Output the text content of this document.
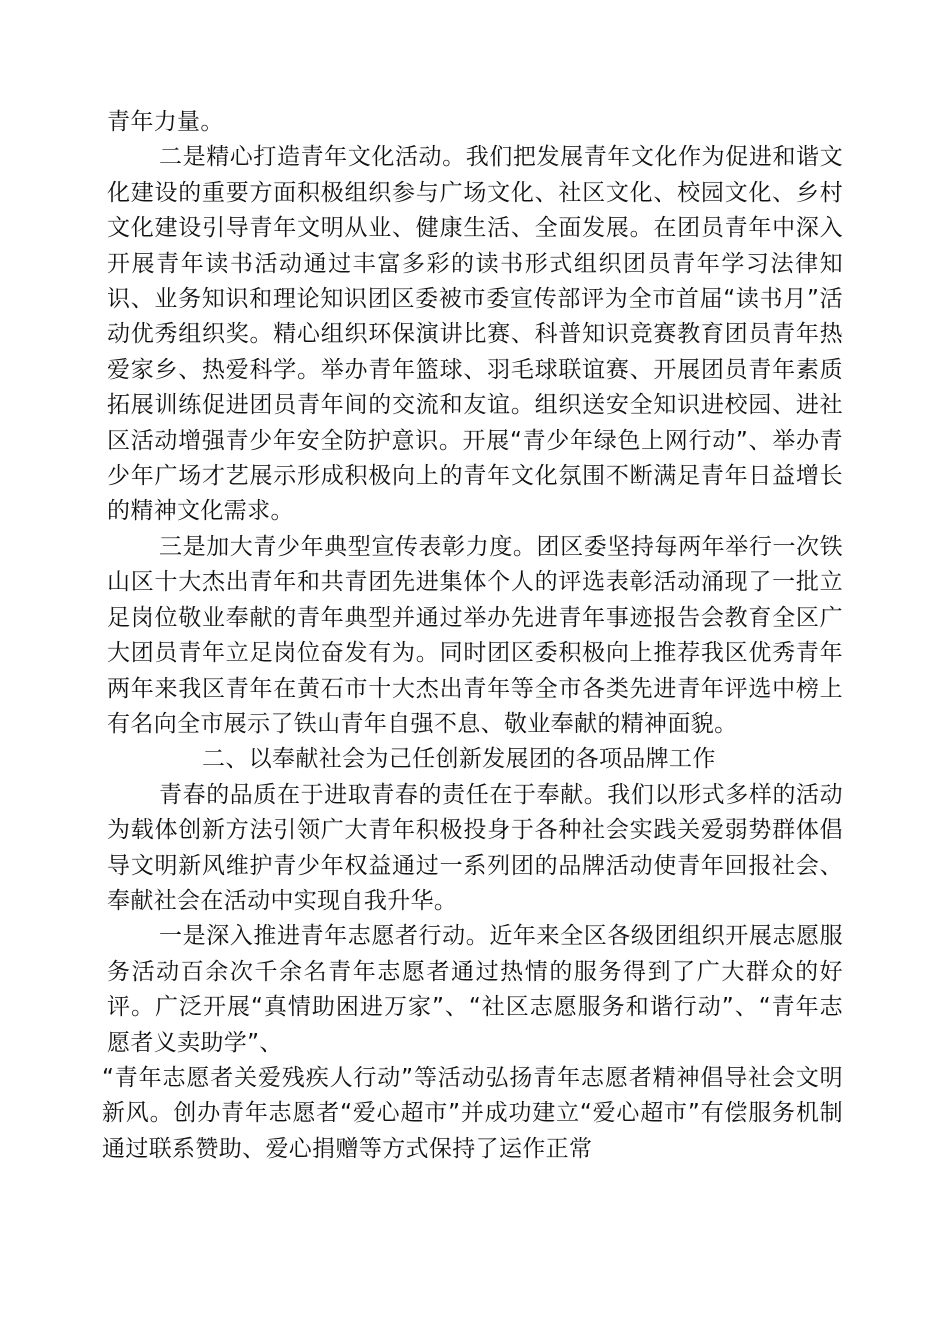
青年力量。

二是精心打造青年文化活动。我们把发展青年文化作为促进和谐文化建设的重要方面积极组织参与广场文化、社区文化、校园文化、乡村文化建设引导青年文明从业、健康生活、全面发展。在团员青年中深入开展青年读书活动通过丰富多彩的读书形式组织团员青年学习法律知识、业务知识和理论知识团区委被市委宣传部评为全市首届“读书月”活动优秀组织奖。精心组织环保演讲比赛、科普知识竞赛教育团员青年热爱家乡、热爱科学。举办青年篮球、羽毛球联谊赛、开展团员青年素质拓展训练促进团员青年间的交流和友谊。组织送安全知识进校园、进社区活动增强青少年安全防护意识。开展“青少年绿色上网行动”、举办青少年广场才艺展示形成积极向上的青年文化氛围不断满足青年日益增长的精神文化需求。

三是加大青少年典型宣传表彰力度。团区委坚持每两年举行一次铁山区十大杰出青年和共青团先进集体个人的评选表彰活动涌现了一批立足岗位敬业奉献的青年典型并通过举办先进青年事迹报告会教育全区广大团员青年立足岗位奋发有为。同时团区委积极向上推荐我区优秀青年两年来我区青年在黄石市十大杰出青年等全市各类先进青年评选中榜上有名向全市展示了铁山青年自强不息、敬业奉献的精神面貌。

二、以奉献社会为己任创新发展团的各项品牌工作

青春的品质在于进取青春的责任在于奉献。我们以形式多样的活动为载体创新方法引领广大青年积极投身于各种社会实践关爱弱势群体倡导文明新风维护青少年权益通过一系列团的品牌活动使青年回报社会、奉献社会在活动中实现自我升华。

一是深入推进青年志愿者行动。近年来全区各级团组织开展志愿服务活动百余次千余名青年志愿者通过热情的服务得到了广大群众的好评。广泛开展“真情助困进万家”、“社区志愿服务和谐行动”、“青年志愿者义卖助学”、

“青年志愿者关爱残疾人行动”等活动弘扬青年志愿者精神倡导社会文明新风。创办青年志愿者“爱心超市”并成功建立“爱心超市”有偿服务机制通过联系赞助、爱心捐赠等方式保持了运作正常
